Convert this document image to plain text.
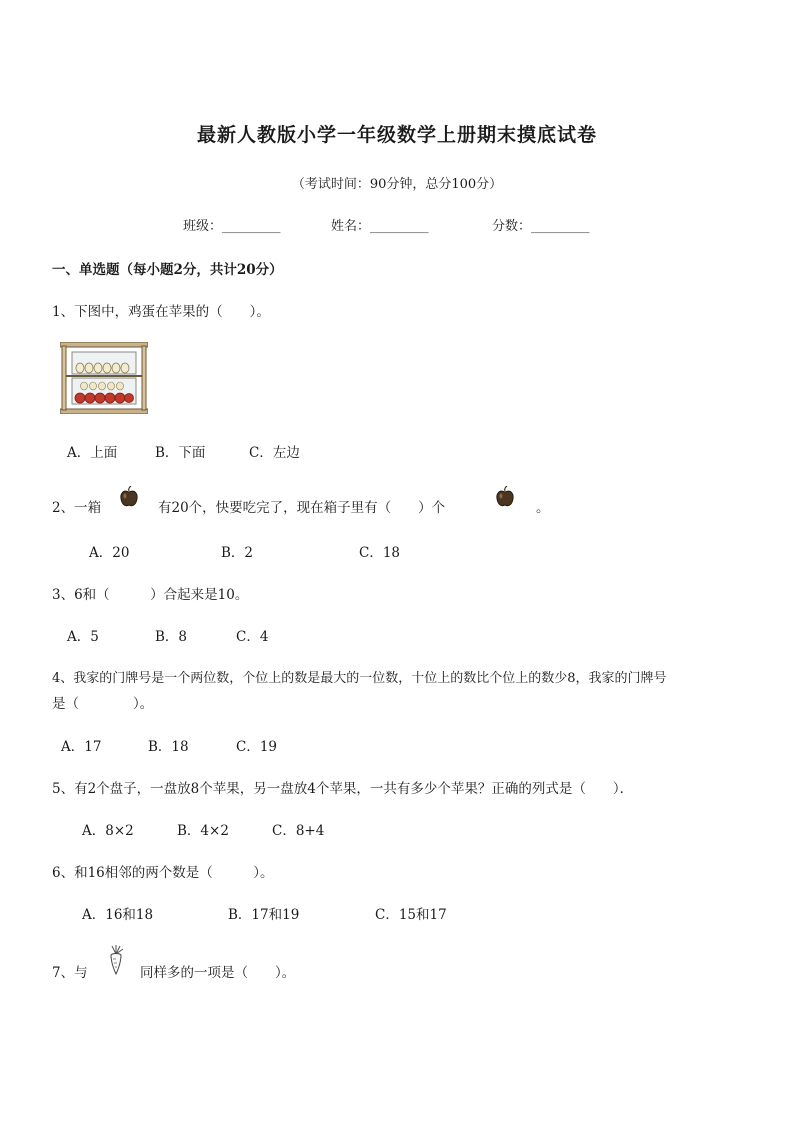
最新人教版小学一年级数学上册期末摸底试卷
（考试时间：90分钟，总分100分）
班级：_________	姓名：_________	分数：_________
一、单选题（每小题2分，共计20分）
1、下图中，鸡蛋在苹果的（　　）。
A．上面	B．下面	C．左边
2、一箱	有20个，快要吃完了，现在箱子里有（　　）个	。
A．20	B．2	C．18
3、6和（　　　）合起来是10。
A．5	B．8	C．4
4、我家的门牌号是一个两位数，个位上的数是最大的一位数，十位上的数比个位上的数少8，我家的门牌号
是（　　　　）。
A．17	B．18	C．19
5、有2个盘子，一盘放8个苹果，另一盘放4个苹果，一共有多少个苹果？正确的列式是（　　）．
A．8×2	B．4×2	C．8+4
6、和16相邻的两个数是（　　　）。
A．16和18	B．17和19	C．15和17
7、与	同样多的一项是（　　）。
